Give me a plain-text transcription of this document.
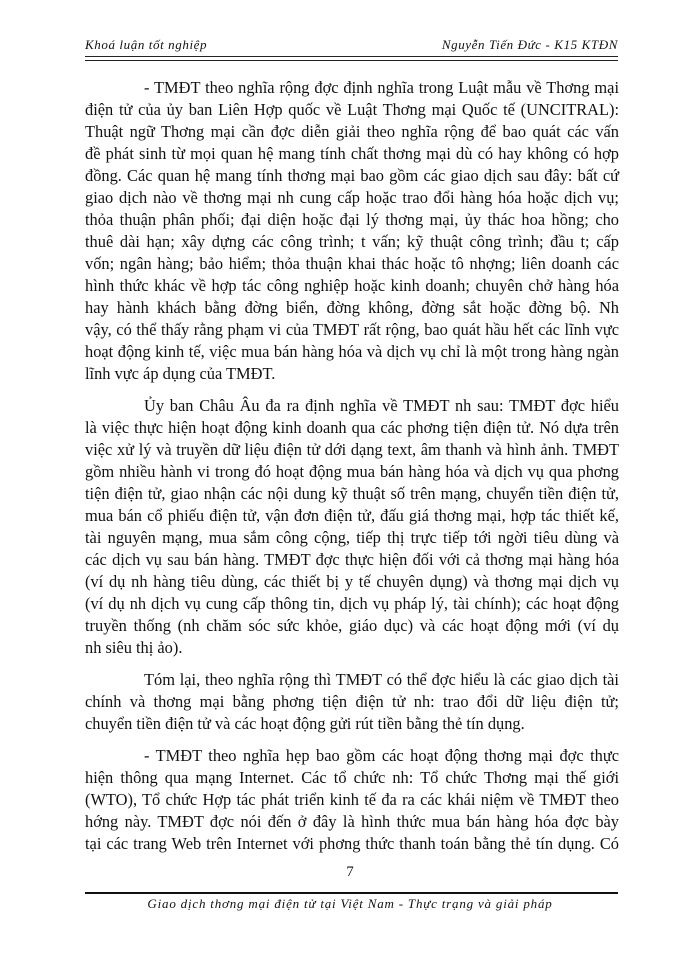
Khoá luận tốt nghiệp	Nguyễn Tiến Đức - K15 KTĐN
- TMĐT theo nghĩa rộng đợc định nghĩa trong Luật mẫu về Thơng mại
điện tử của ủy ban Liên Hợp quốc về Luật Thơng mại Quốc tế (UNCITRAL):
Thuật ngữ Thơng mại cần đợc diễn giải theo nghĩa rộng để bao quát các vấn
đề phát sinh từ mọi quan hệ mang tính chất thơng mại dù có hay không có hợp
đồng. Các quan hệ mang tính thơng mại bao gồm các giao dịch sau đây: bất cứ
giao dịch nào về thơng mại nh cung cấp hoặc trao đổi hàng hóa hoặc dịch vụ;
thỏa thuận phân phối; đại diện hoặc đại lý thơng mại, ủy thác hoa hồng; cho
thuê dài hạn; xây dựng các công trình; t vấn; kỹ thuật công trình; đầu t; cấp
vốn; ngân hàng; bảo hiểm; thỏa thuận khai thác hoặc tô nhợng; liên doanh các
hình thức khác về hợp tác công nghiệp hoặc kinh doanh; chuyên chở hàng hóa
hay hành khách bằng đờng biển, đờng không, đờng sắt hoặc đờng bộ. Nh
vậy, có thể thấy rằng phạm vi của TMĐT rất rộng, bao quát hầu hết các lĩnh vực
hoạt động kinh tế, việc mua bán hàng hóa và dịch vụ chỉ là một trong hàng ngàn
lĩnh vực áp dụng của TMĐT.
Ủy ban Châu Âu đa ra định nghĩa về TMĐT nh sau: TMĐT đợc hiểu
là việc thực hiện hoạt động kinh doanh qua các phơng tiện điện tử. Nó dựa trên
việc xử lý và truyền dữ liệu điện tử dới dạng text, âm thanh và hình ảnh. TMĐT
gồm nhiều hành vi trong đó hoạt động mua bán hàng hóa và dịch vụ qua phơng
tiện điện tử, giao nhận các nội dung kỹ thuật số trên mạng, chuyển tiền điện tử,
mua bán cổ phiếu điện tử, vận đơn điện tử, đấu giá thơng mại, hợp tác thiết kế,
tài nguyên mạng, mua sắm công cộng, tiếp thị trực tiếp tới ngời tiêu dùng và
các dịch vụ sau bán hàng. TMĐT đợc thực hiện đối với cả thơng mại hàng hóa
(ví dụ nh hàng tiêu dùng, các thiết bị y tế chuyên dụng) và thơng mại dịch vụ
(ví dụ nh dịch vụ cung cấp thông tin, dịch vụ pháp lý, tài chính); các hoạt động
truyền thống (nh chăm sóc sức khỏe, giáo dục) và các hoạt động mới (ví dụ
nh siêu thị ảo).
Tóm lại, theo nghĩa rộng thì TMĐT có thể đợc hiểu là các giao dịch tài
chính và thơng mại bằng phơng tiện điện tử nh: trao đổi dữ liệu điện tử;
chuyển tiền điện tử và các hoạt động gửi rút tiền bằng thẻ tín dụng.
- TMĐT theo nghĩa hẹp bao gồm các hoạt động thơng mại đợc thực
hiện thông qua mạng Internet. Các tổ chức nh: Tổ chức Thơng mại thế giới
(WTO), Tổ chức Hợp tác phát triển kinh tế đa ra các khái niệm về TMĐT theo
hớng này. TMĐT đợc nói đến ở đây là hình thức mua bán hàng hóa đợc bày
tại các trang Web trên Internet với phơng thức thanh toán bằng thẻ tín dụng. Có
7
Giao dịch thơng mại điện tử tại Việt Nam - Thực trạng và giải pháp
